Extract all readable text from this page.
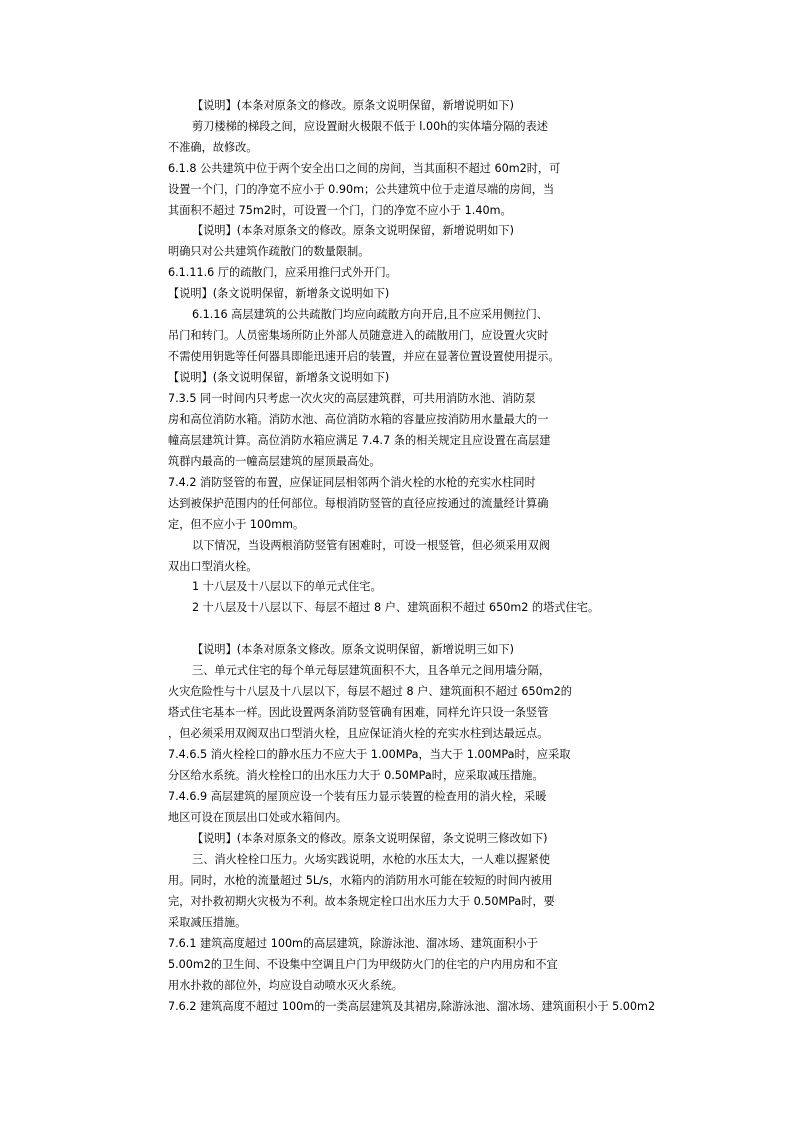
【说明】(本条对原条文的修改。原条文说明保留，新增说明如下)
剪刀楼梯的梯段之间，应设置耐火极限不低于 l.00h的实体墙分隔的表述
不准确，故修改。
6.1.8 公共建筑中位于两个安全出口之间的房间，当其面积不超过 60m2时，可
设置一个门，门的净宽不应小于 0.90m；公共建筑中位于走道尽端的房间，当
其面积不超过 75m2时，可设置一个门，门的净宽不应小于 1.40m。
【说明】(本条对原条文的修改。原条文说明保留，新增说明如下)
明确只对公共建筑作疏散门的数量限制。
6.1.11.6 厅的疏散门，应采用推闩式外开门。
【说明】(条文说明保留，新增条文说明如下)
6.1.16 高层建筑的公共疏散门均应向疏散方向开启,且不应采用侧拉门、
吊门和转门。人员密集场所防止外部人员随意进入的疏散用门，应设置火灾时
不需使用钥匙等任何器具即能迅速开启的装置，并应在显著位置设置使用提示。
【说明】(条文说明保留，新增条文说明如下)
7.3.5 同一时间内只考虑一次火灾的高层建筑群，可共用消防水池、消防泵
房和高位消防水箱。消防水池、高位消防水箱的容量应按消防用水量最大的一
幢高层建筑计算。高位消防水箱应满足 7.4.7 条的相关规定且应设置在高层建
筑群内最高的一幢高层建筑的屋顶最高处。
7.4.2 消防竖管的布置，应保证同层相邻两个消火栓的水枪的充实水柱同时
达到被保护范围内的任何部位。每根消防竖管的直径应按通过的流量经计算确
定，但不应小于 100mm。
以下情况，当设两根消防竖管有困难时，可设一根竖管，但必须采用双阀
双出口型消火栓。
1 十八层及十八层以下的单元式住宅。
2 十八层及十八层以下、每层不超过 8 户、建筑面积不超过 650m2 的塔式住宅。
【说明】(本条对原条文修改。原条文说明保留，新增说明三如下)
三、单元式住宅的每个单元每层建筑面积不大，且各单元之间用墙分隔，
火灾危险性与十八层及十八层以下，每层不超过 8 户、建筑面积不超过 650m2的
塔式住宅基本一样。因此设置两条消防竖管确有困难，同样允许只设一条竖管
，但必须采用双阀双出口型消火栓，且应保证消火栓的充实水柱到达最远点。
7.4.6.5 消火栓栓口的静水压力不应大于 1.00MPa，当大于 1.00MPa时，应采取
分区给水系统。消火栓栓口的出水压力大于 0.50MPa时，应采取减压措施。
7.4.6.9 高层建筑的屋顶应设一个装有压力显示装置的检查用的消火栓，采暖
地区可设在顶层出口处或水箱间内。
【说明】(本条对原条文的修改。原条文说明保留，条文说明三修改如下)
三、消火栓栓口压力。火场实践说明，水枪的水压太大，一人难以握紧使
用。同时，水枪的流量超过 5L/s，水箱内的消防用水可能在较短的时间内被用
完，对扑救初期火灾极为不利。故本条规定栓口出水压力大于 0.50MPa时，要
采取减压措施。
7.6.1 建筑高度超过 100m的高层建筑，除游泳池、溜冰场、建筑面积小于
5.00m2的卫生间、不设集中空调且户门为甲级防火门的住宅的户内用房和不宜
用水扑救的部位外，均应设自动喷水灭火系统。
7.6.2 建筑高度不超过 100m的一类高层建筑及其裙房,除游泳池、溜冰场、建筑面积小于 5.00m2
